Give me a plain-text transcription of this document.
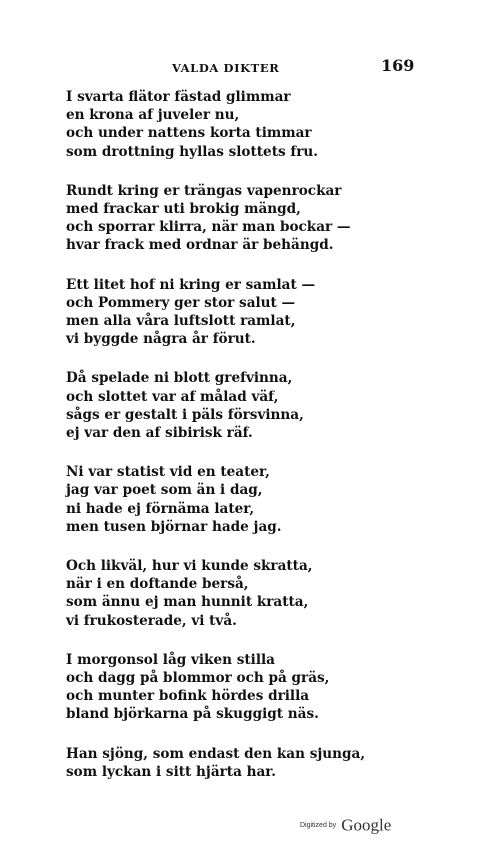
VALDA DIKTER	169
I svarta flätor fästad glimmar
en krona af juveler nu,
och under nattens korta timmar
som drottning hyllas slottets fru.
Rundt kring er trängas vapenrockar
med frackar uti brokig mängd,
och sporrar klirra, när man bockar —
hvar frack med ordnar är behängd.
Ett litet hof ni kring er samlat —
och Pommery ger stor salut —
men alla våra luftslott ramlat,
vi byggde några år förut.
Då spelade ni blott grefvinna,
och slottet var af målad väf,
sågs er gestalt i päls försvinna,
ej var den af sibirisk räf.
Ni var statist vid en teater,
jag var poet som än i dag,
ni hade ej förnäma later,
men tusen björnar hade jag.
Och likväl, hur vi kunde skratta,
när i en doftande berså,
som ännu ej man hunnit kratta,
vi frukosterade, vi två.
I morgonsol låg viken stilla
och dagg på blommor och på gräs,
och munter bofink hördes drilla
bland björkarna på skuggigt näs.
Han sjöng, som endast den kan sjunga,
som lyckan i sitt hjärta har.
Digitized by Google
